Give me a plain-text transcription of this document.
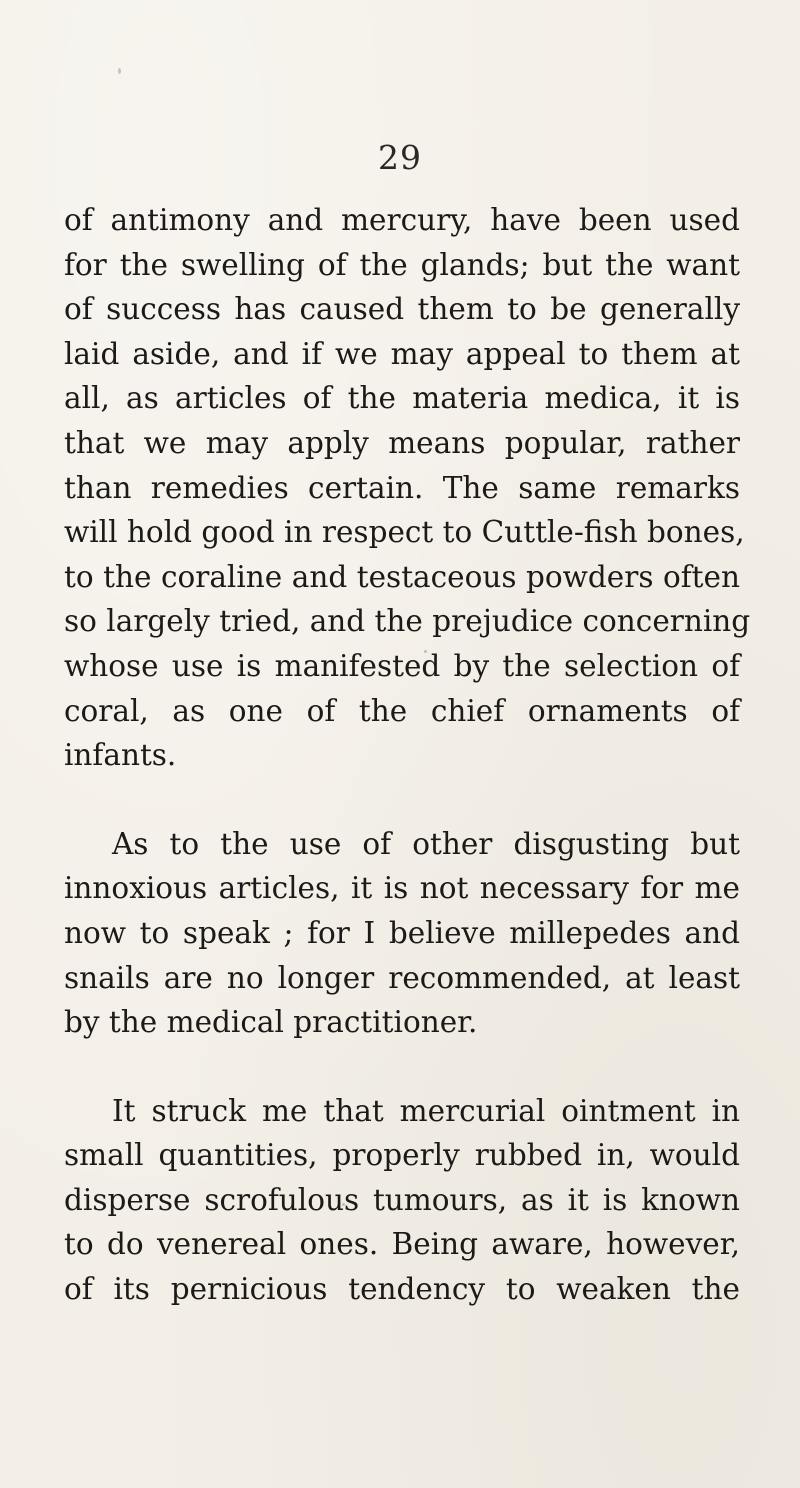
29
of antimony and mercury, have been used
for the swelling of the glands; but the want
of success has caused them to be generally
laid aside, and if we may appeal to them at
all, as articles of the materia medica, it is
that we may apply means popular, rather
than remedies certain. The same remarks
will hold good in respect to Cuttle-fish bones,
to the coraline and testaceous powders often
so largely tried, and the prejudice concerning
whose use is manifested by the selection of
coral, as one of the chief ornaments of
infants.
As to the use of other disgusting but
innoxious articles, it is not necessary for me
now to speak ; for I believe millepedes and
snails are no longer recommended, at least
by the medical practitioner.
It struck me that mercurial ointment in
small quantities, properly rubbed in, would
disperse scrofulous tumours, as it is known
to do venereal ones. Being aware, however,
of its pernicious tendency to weaken the
